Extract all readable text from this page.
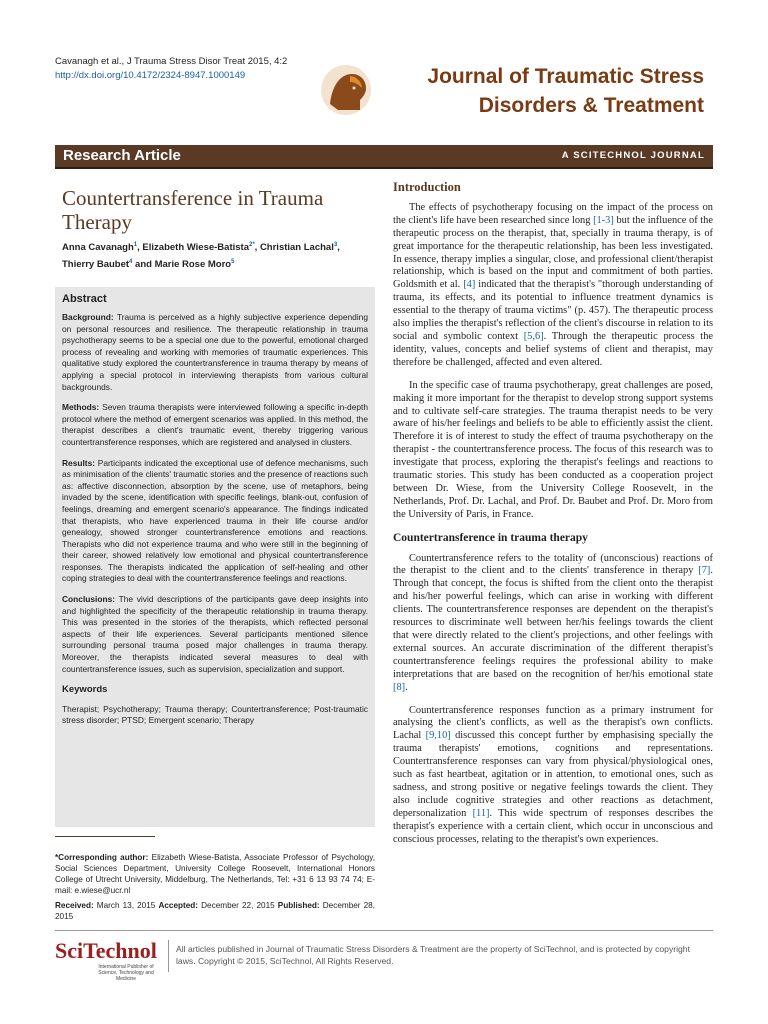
Cavanagh et al., J Trauma Stress Disor Treat 2015, 4:2
http://dx.doi.org/10.4172/2324-8947.1000149	Journal of Traumatic Stress
Disorders & Treatment
Research Article	A SCITECHNOL JOURNAL
Countertransference in Trauma Therapy
Anna Cavanagh$^1$, Elizabeth Wiese-Batista$^{2*}$, Christian Lachal$^3$, Thierry Baubet$^4$ and Marie Rose Moro$^5$
Abstract

Background: Trauma is perceived as a highly subjective experience depending on personal resources and resilience. The therapeutic relationship in trauma psychotherapy seems to be a special one due to the powerful, emotional charged process of revealing and working with memories of traumatic experiences. This qualitative study explored the countertransference in trauma therapy by means of applying a special protocol in interviewing therapists from various cultural backgrounds.

Methods: Seven trauma therapists were interviewed following a specific in-depth protocol where the method of emergent scenarios was applied. In this method, the therapist describes a client's traumatic event, thereby triggering various countertransference responses, which are registered and analysed in clusters.

Results: Participants indicated the exceptional use of defence mechanisms, such as minimisation of the clients' traumatic stories and the presence of reactions such as: affective disconnection, absorption by the scene, use of metaphors, being invaded by the scene, identification with specific feelings, blank-out, confusion of feelings, dreaming and emergent scenario's appearance. The findings indicated that therapists, who have experienced trauma in their life course and/or genealogy, showed stronger countertransference emotions and reactions. Therapists who did not experience trauma and who were still in the beginning of their career, showed relatively low emotional and physical countertransference responses. The therapists indicated the application of self-healing and other coping strategies to deal with the countertransference feelings and reactions.

Conclusions: The vivid descriptions of the participants gave deep insights into and highlighted the specificity of the therapeutic relationship in trauma therapy. This was presented in the stories of the therapists, which reflected personal aspects of their life experiences. Several participants mentioned silence surrounding personal trauma posed major challenges in trauma therapy. Moreover, the therapists indicated several measures to deal with countertransference issues, such as supervision, specialization and support.

Keywords
Therapist; Psychotherapy; Trauma therapy; Countertransference; Post-traumatic stress disorder; PTSD; Emergent scenario; Therapy
*Corresponding author: Elizabeth Wiese-Batista, Associate Professor of Psychology, Social Sciences Department, University College Roosevelt, International Honors College of Utrecht University, Middelburg, The Netherlands, Tel: +31 6 13 93 74 74; E-mail: e.wiese@ucr.nl
Received: March 13, 2015 Accepted: December 22, 2015 Published: December 28, 2015
Introduction

The effects of psychotherapy focusing on the impact of the process on the client's life have been researched since long [1-3] but the influence of the therapeutic process on the therapist, that, specially in trauma therapy, is of great importance for the therapeutic relationship, has been less investigated. In essence, therapy implies a singular, close, and professional client/therapist relationship, which is based on the input and commitment of both parties. Goldsmith et al. [4] indicated that the therapist's "thorough understanding of trauma, its effects, and its potential to influence treatment dynamics is essential to the therapy of trauma victims" (p. 457). The therapeutic process also implies the therapist's reflection of the client's discourse in relation to its social and symbolic context [5,6]. Through the therapeutic process the identity, values, concepts and belief systems of client and therapist, may therefore be challenged, affected and even altered.

In the specific case of trauma psychotherapy, great challenges are posed, making it more important for the therapist to develop strong support systems and to cultivate self-care strategies. The trauma therapist needs to be very aware of his/her feelings and beliefs to be able to efficiently assist the client. Therefore it is of interest to study the effect of trauma psychotherapy on the therapist - the countertransference process. The focus of this research was to investigate that process, exploring the therapist's feelings and reactions to traumatic stories. This study has been conducted as a cooperation project between Dr. Wiese, from the University College Roosevelt, in the Netherlands, Prof. Dr. Lachal, and Prof. Dr. Baubet and Prof. Dr. Moro from the University of Paris, in France.

Countertransference in trauma therapy

Countertransference refers to the totality of (unconscious) reactions of the therapist to the client and to the clients' transference in therapy [7]. Through that concept, the focus is shifted from the client onto the therapist and his/her powerful feelings, which can arise in working with different clients. The countertransference responses are dependent on the therapist's resources to discriminate well between her/his feelings towards the client that were directly related to the client's projections, and other feelings with external sources. An accurate discrimination of the different therapist's countertransference feelings requires the professional ability to make interpretations that are based on the recognition of her/his emotional state [8].

Countertransference responses function as a primary instrument for analysing the client's conflicts, as well as the therapist's own conflicts. Lachal [9,10] discussed this concept further by emphasising specially the trauma therapists' emotions, cognitions and representations. Countertransference responses can vary from physical/physiological ones, such as fast heartbeat, agitation or in attention, to emotional ones, such as sadness, and strong positive or negative feelings towards the client. They also include cognitive strategies and other reactions as detachment, depersonalization [11]. This wide spectrum of responses describes the therapist's experience with a certain client, which occur in unconscious and conscious processes, relating to the therapist's own experiences.

SciTechnol
International Publisher of Science, Technology and Medicine
All articles published in Journal of Traumatic Stress Disorders & Treatment are the property of SciTechnol, and is protected by copyright laws. Copyright © 2015, SciTechnol, All Rights Reserved.
